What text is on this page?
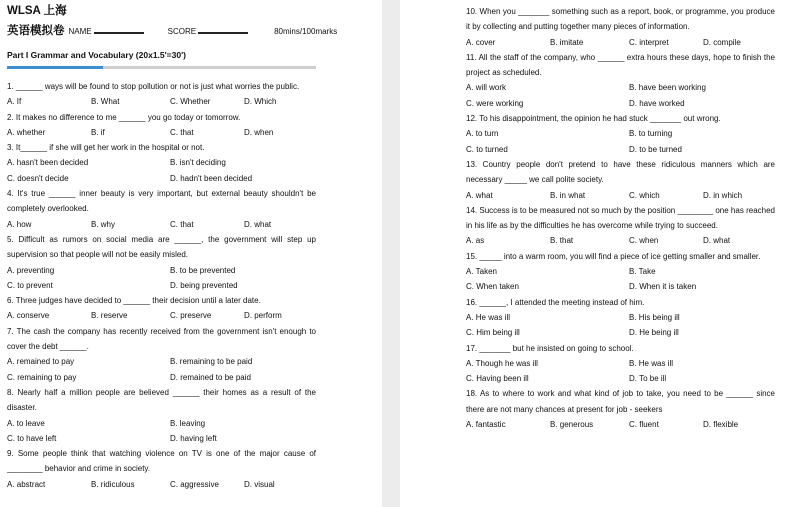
WLSA 上海
英语模拟卷 NAME	SCORE	80mins/100marks
Part I Grammar and Vocabulary (20x1.5'=30')
1. ______ ways will be found to stop pollution or not is just what worries the public.
A. If	B. What	C. Whether	D. Which
2. It makes no difference to me ______ you go today or tomorrow.
A. whether	B. if	C. that	D. when
3. It______ if she will get her work in the hospital or not.
A. hasn't been decided	B. isn't deciding
C. doesn't decide	D. hadn't been decided
4. It's true ______ inner beauty is very important, but external beauty shouldn't be completely overlooked.
A. how	B. why	C. that	D. what
5. Difficult as rumors on social media are ______, the government will step up supervision so that people will not be easily misled.
A. preventing	B. to be prevented
C. to prevent	D. being prevented
6. Three judges have decided to ______ their decision until a later date.
A. conserve	B. reserve	C. preserve	D. perform
7. The cash the company has recently received from the government isn't enough to cover the debt ______.
A. remained to pay	B. remaining to be paid
C. remaining to pay	D. remained to be paid
8. Nearly half a million people are believed ______ their homes as a result of the disaster.
A. to leave	B. leaving
C. to have left	D. having left
9. Some people think that watching violence on TV is one of the major cause of ________ behavior and crime in society.
A. abstract	B. ridiculous	C. aggressive	D. visual
10. When you _______ something such as a report, book, or programme, you produce it by collecting and putting together many pieces of information.
A. cover	B. imitate	C. interpret	D. compile
11. All the staff of the company, who ______ extra hours these days, hope to finish the project as scheduled.
A. will work	B. have been working
C. were working	D. have worked
12. To his disappointment, the opinion he had stuck _______ out wrong.
A. to turn	B. to turning
C. to turned	D. to be turned
13. Country people don't pretend to have these ridiculous manners which are necessary _____ we call polite society.
A. what	B. in what	C. which	D. in which
14. Success is to be measured not so much by the position ________ one has reached in his life as by the difficulties he has overcome while trying to succeed.
A. as	B. that	C. when	D. what
15. _____ into a warm room, you will find a piece of ice getting smaller and smaller.
A. Taken	B. Take
C. When taken	D. When it is taken
16. ______, I attended the meeting instead of him.
A. He was ill	B. His being ill
C. Him being ill	D. He being ill
17. _______ but he insisted on going to school.
A. Though he was ill	B. He was ill
C. Having been ill	D. To be ill
18. As to where to work and what kind of job to take, you need to be ______ since there are not many chances at present for job - seekers
A. fantastic	B. generous	C. fluent	D. flexible
